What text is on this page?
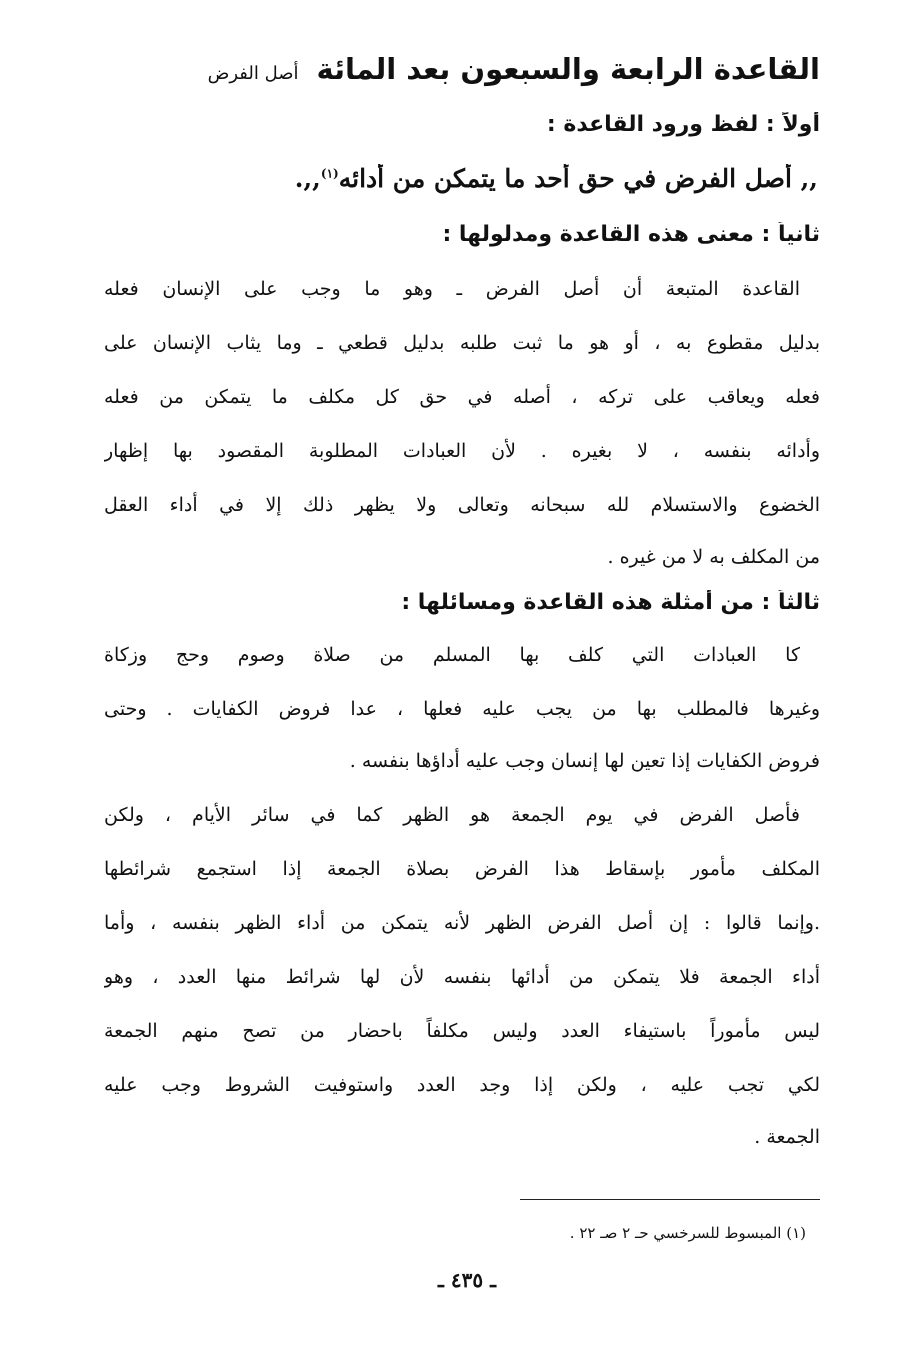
القاعدة الرابعة والسبعون بعد المائة
أصل الفرض
أولاً : لفظ ورود القاعدة :
,, أصل الفرض في حق أحد ما يتمكن من أدائه$^{(١)}$,,.
ثانياً : معنى هذه القاعدة ومدلولها :
القاعدة المتبعة أن أصل الفرض ـ وهو ما وجب على الإنسان فعله
بدليل مقطوع به ، أو هو ما ثبت طلبه بدليل قطعي ـ وما يثاب الإنسان على
فعله ويعاقب على تركه ، أصله في حق كل مكلف ما يتمكن من فعله
وأدائه بنفسه ، لا بغيره . لأن العبادات المطلوبة المقصود بها إظهار
الخضوع والاستسلام لله سبحانه وتعالى ولا يظهر ذلك إلا في أداء العقل
من المكلف به لا من غيره .
ثالثاً : من أمثلة هذه القاعدة ومسائلها :
كا العبادات التي كلف بها المسلم من صلاة وصوم وحج وزكاة
وغيرها فالمطلب بها من يجب عليه فعلها ، عدا فروض الكفايات . وحتى
فروض الكفايات إذا تعين لها إنسان وجب عليه أداؤها بنفسه .
فأصل الفرض في يوم الجمعة هو الظهر كما في سائر الأيام ، ولكن
المكلف مأمور بإسقاط هذا الفرض بصلاة الجمعة إذا استجمع شرائطها
.وإنما قالوا : إن أصل الفرض الظهر لأنه يتمكن من أداء الظهر بنفسه ، وأما
أداء الجمعة فلا يتمكن من أدائها بنفسه لأن لها شرائط منها العدد ، وهو
ليس مأموراً باستيفاء العدد وليس مكلفاً باحضار من تصح منهم الجمعة
لكي تجب عليه ، ولكن إذا وجد العدد واستوفيت الشروط وجب عليه
الجمعة .
(١) المبسوط للسرخسي حـ ٢ صـ ٢٢ .
ـ ٤٣٥ ـ
